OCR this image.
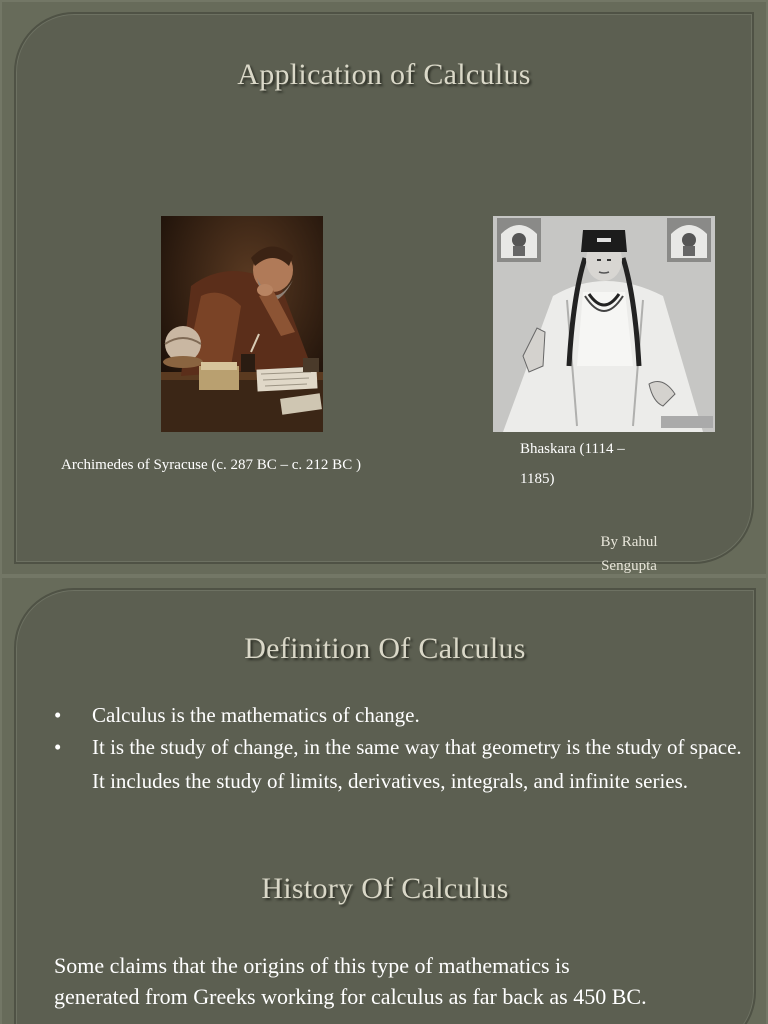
Application of Calculus
Archimedes of Syracuse (c. 287 BC – c. 212 BC )
Bhaskara (1114 –
1185)
By Rahul
Sengupta
Definition Of Calculus
• Calculus is the mathematics of change.
• It is the study of change, in the same way that geometry is the study of space. It includes the study of limits, derivatives, integrals, and infinite series.
History Of Calculus
Some claims that the origins of this type of mathematics is
generated from Greeks working for calculus as far back as 450 BC.
